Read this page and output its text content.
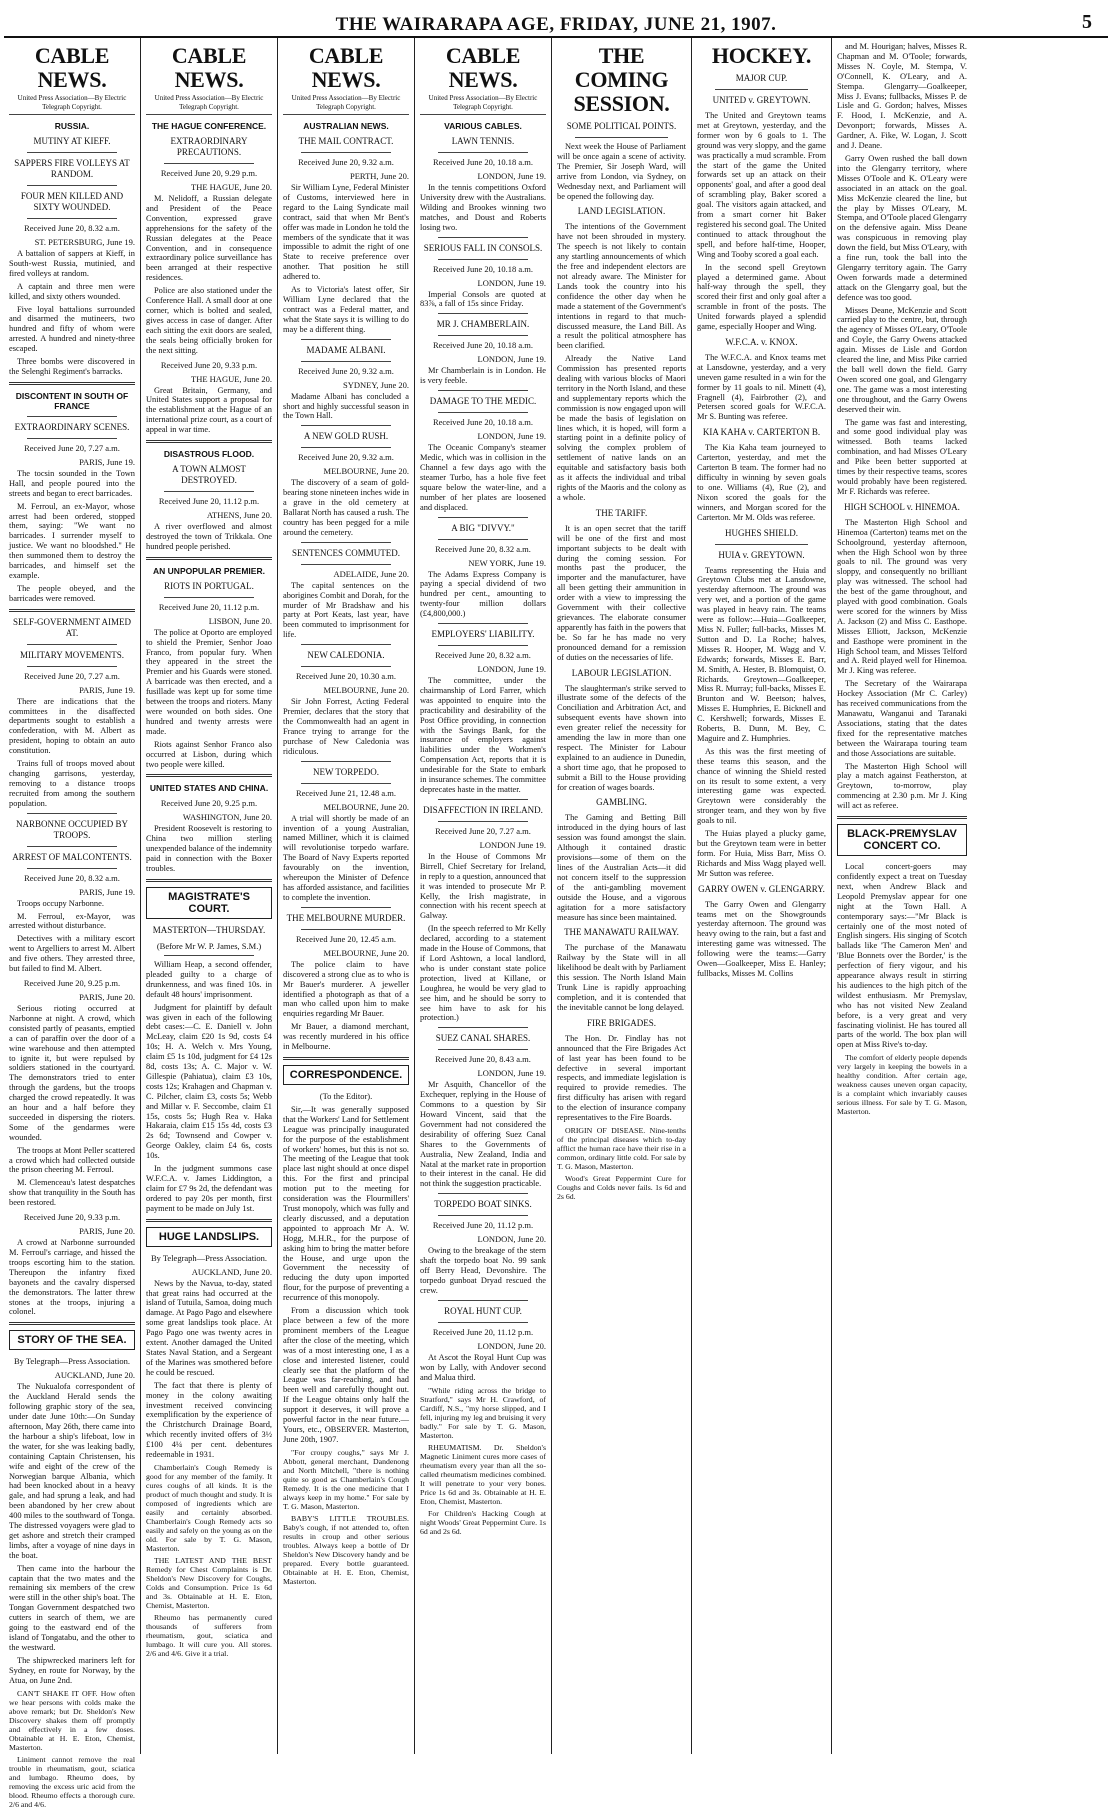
THE WAIRARAPA AGE, FRIDAY, JUNE 21, 1907.	5
CABLE NEWS.
United Press Association—By Electric Telegraph Copyright.
RUSSIA.
MUTINY AT KIEFF.
SAPPERS FIRE VOLLEYS AT RANDOM.
FOUR MEN KILLED AND SIXTY WOUNDED.
Received June 20, 8.32 a.m.
ST. PETERSBURG, June 19.
A battalion of sappers at Kieff, in South-west Russia, mutinied, and fired volleys at random.
A captain and three men were killed, and sixty others wounded.
Five loyal battalions surrounded and disarmed the mutineers, two hundred and fifty of whom were arrested. A hundred and ninety-three escaped.
Three bombs were discovered in the Selenghi Regiment's barracks.
DISCONTENT IN SOUTH OF FRANCE
EXTRAORDINARY SCENES.
Received June 20, 7.27 a.m.
PARIS, June 19.
The tocsin sounded in the Town Hall, and people poured into the streets and began to erect barricades.
M. Ferroul, an ex-Mayor, whose arrest had been ordered, stopped them, saying: "We want no barricades. I surrender myself to justice. We want no bloodshed." He then summoned them to destroy the barricades, and himself set the example.
The people obeyed, and the barricades were removed.
SELF-GOVERNMENT AIMED AT.
MILITARY MOVEMENTS.
Received June 20, 7.27 a.m.
PARIS, June 19.
There are indications that the committees in the disaffected departments sought to establish a confederation, with M. Albert as president, hoping to obtain an auto constitution.
Trains full of troops moved about changing garrisons, yesterday, removing to a distance troops recruited from among the southern population.
NARBONNE OCCUPIED BY TROOPS.
ARREST OF MALCONTENTS.
Received June 20, 8.32 a.m.
PARIS, June 19.
Troops occupy Narbonne.
M. Ferroul, ex-Mayor, was arrested without disturbance.
Detectives with a military escort went to Argelliers to arrest M. Albert and five others. They arrested three, but failed to find M. Albert.
Received June 20, 9.25 p.m.
PARIS, June 20.
Serious rioting occurred at Narbonne at night. A crowd, which consisted partly of peasants, emptied a can of paraffin over the door of a wine warehouse and then attempted to ignite it, but were repulsed by soldiers stationed in the courtyard. The demonstrators tried to enter through the gardens, but the troops charged the crowd repeatedly. It was an hour and a half before they succeeded in dispersing the rioters. Some of the gendarmes were wounded.
The troops at Mont Peller scattered a crowd which had collected outside the prison cheering M. Ferroul.
M. Clemenceau's latest despatches show that tranquility in the South has been restored.
Received June 20, 9.33 p.m.
PARIS, June 20.
A crowd at Narbonne surrounded M. Ferroul's carriage, and hissed the troops escorting him to the station. Thereupon the infantry fixed bayonets and the cavalry dispersed the demonstrators. The latter threw stones at the troops, injuring a colonel.
STORY OF THE SEA.
By Telegraph—Press Association.
AUCKLAND, June 20.
The Nukualofa correspondent of the Auckland Herald sends the following graphic story of the sea, under date June 10th:—On Sunday afternoon, May 26th, there came into the harbour a ship's lifeboat, low in the water, for she was leaking badly, containing Captain Christensen, his wife and eight of the crew of the Norwegian barque Albania, which had been knocked about in a heavy gale, and had sprung a leak, and had been abandoned by her crew about 400 miles to the southward of Tonga. The distressed voyagers were glad to get ashore and stretch their cramped limbs, after a voyage of nine days in the boat.
Then came into the harbour the captain that the two mates and the remaining six members of the crew were still in the other ship's boat. The Tongan Government despatched two cutters in search of them, we are going to the eastward end of the island of Tongatabu, and the other to the westward.
The shipwrecked mariners left for Sydney, en route for Norway, by the Atua, on June 2nd.
CAN'T SHAKE IT OFF. How often we hear persons with colds make the above remark; but Dr. Sheldon's New Discovery shakes them off promptly and effectively in a few doses. Obtainable at H. E. Eton, Chemist, Masterton.
Liniment cannot remove the real trouble in rheumatism, gout, sciatica and lumbago. Rheumo does, by removing the excess uric acid from the blood. Rheumo effects a thorough cure. 2/6 and 4/6.
CABLE NEWS.
United Press Association—By Electric Telegraph Copyright.
THE HAGUE CONFERENCE.
EXTRAORDINARY PRECAUTIONS.
Received June 20, 9.29 p.m.
THE HAGUE, June 20.
M. Nelidoff, a Russian delegate and President of the Peace Convention, expressed grave apprehensions for the safety of the Russian delegates at the Peace Convention, and in consequence extraordinary police surveillance has been arranged at their respective residences.
Police are also stationed under the Conference Hall. A small door at one corner, which is bolted and sealed, gives access in case of danger. After each sitting the exit doors are sealed, the seals being officially broken for the next sitting.
Received June 20, 9.33 p.m.
THE HAGUE, June 20.
Great Britain, Germany, and United States support a proposal for the establishment at the Hague of an international prize court, as a court of appeal in war time.
DISASTROUS FLOOD.
A TOWN ALMOST DESTROYED.
Received June 20, 11.12 p.m.
ATHENS, June 20.
A river overflowed and almost destroyed the town of Trikkala. One hundred people perished.
AN UNPOPULAR PREMIER.
RIOTS IN PORTUGAL.
Received June 20, 11.12 p.m.
LISBON, June 20.
The police at Oporto are employed to shield the Premier, Senhor Joao Franco, from popular fury. When they appeared in the street the Premier and his Guards were stoned. A barricade was then erected, and a fusillade was kept up for some time between the troops and rioters. Many were wounded on both sides. One hundred and twenty arrests were made.
Riots against Senhor Franco also occurred at Lisbon, during which two people were killed.
UNITED STATES AND CHINA.
Received June 20, 9.25 p.m.
WASHINGTON, June 20.
President Roosevelt is restoring to China two million sterling unexpended balance of the indemnity paid in connection with the Boxer troubles.
MAGISTRATE'S COURT.
MASTERTON—THURSDAY.
(Before Mr W. P. James, S.M.)
William Heap, a second offender, pleaded guilty to a charge of drunkenness, and was fined 10s. in default 48 hours' imprisonment.
Judgment for plaintiff by default was given in each of the following debt cases:—C. E. Daniell v. John McLeay, claim £20 1s 9d, costs £4 10s; H. A. Welch v. Mrs Young, claim £5 1s 10d, judgment for £4 12s 8d, costs 13s; A. C. Major v. W. Gillespie (Pahiatua), claim £3 10s, costs 12s; Krahagen and Chapman v. C. Pilcher, claim £3, costs 5s; Webb and Millar v. F. Seccombe, claim £1 15s, costs 5s; Hugh Rea v. Haka Hakaraia, claim £15 15s 4d, costs £3 2s 6d; Townsend and Cowper v. George Oakley, claim £4 6s, costs 10s.
In the judgment summons case W.F.C.A. v. James Liddington, a claim for £7 9s 2d, the defendant was ordered to pay 20s per month, first payment to be made on July 1st.
HUGE LANDSLIPS.
By Telegraph—Press Association.
AUCKLAND, June 20.
News by the Navua, to-day, stated that great rains had occurred at the island of Tutuila, Samoa, doing much damage. At Pago Pago and elsewhere some great landslips took place. At Pago Pago one was twenty acres in extent. Another damaged the United States Naval Station, and a Sergeant of the Marines was smothered before he could be rescued.
The fact that there is plenty of money in the colony awaiting investment received convincing exemplification by the experience of the Christchurch Drainage Board, which recently invited offers of 3½ £100 4¼ per cent. debentures redeemable in 1931.
Chamberlain's Cough Remedy is good for any member of the family. It cures coughs of all kinds. It is the product of much thought and study. It is composed of ingredients which are easily and certainly absorbed. Chamberlain's Cough Remedy acts so easily and safely on the young as on the old. For sale by T. G. Mason, Masterton.
THE LATEST AND THE BEST Remedy for Chest Complaints is Dr. Sheldon's New Discovery for Coughs, Colds and Consumption. Price 1s 6d and 3s. Obtainable at H. E. Eton, Chemist, Masterton.
Rheumo has permanently cured thousands of sufferers from rheumatism, gout, sciatica and lumbago. It will cure you. All stores. 2/6 and 4/6. Give it a trial.
CABLE NEWS.
United Press Association—By Electric Telegraph Copyright.
AUSTRALIAN NEWS.
THE MAIL CONTRACT.
Received June 20, 9.32 a.m.
PERTH, June 20.
Sir William Lyne, Federal Minister of Customs, interviewed here in regard to the Laing Syndicate mail contract, said that when Mr Bent's offer was made in London he told the members of the syndicate that it was impossible to admit the right of one State to receive preference over another. That position he still adhered to.
As to Victoria's latest offer, Sir William Lyne declared that the contract was a Federal matter, and what the State says it is willing to do may be a different thing.
MADAME ALBANI.
Received June 20, 9.32 a.m.
SYDNEY, June 20.
Madame Albani has concluded a short and highly successful season in the Town Hall.
A NEW GOLD RUSH.
Received June 20, 9.32 a.m.
MELBOURNE, June 20.
The discovery of a seam of gold-bearing stone nineteen inches wide in a grave in the old cemetery at Ballarat North has caused a rush. The country has been pegged for a mile around the cemetery.
SENTENCES COMMUTED.
ADELAIDE, June 20.
The capital sentences on the aborigines Combit and Dorah, for the murder of Mr Bradshaw and his party at Port Keats, last year, have been commuted to imprisonment for life.
NEW CALEDONIA.
Received June 20, 10.30 a.m.
MELBOURNE, June 20.
Sir John Forrest, Acting Federal Premier, declares that the story that the Commonwealth had an agent in France trying to arrange for the purchase of New Caledonia was ridiculous.
NEW TORPEDO.
Received June 21, 12.48 a.m.
MELBOURNE, June 20.
A trial will shortly be made of an invention of a young Australian, named Milliner, which it is claimed will revolutionise torpedo warfare. The Board of Navy Experts reported favourably on the invention, whereupon the Minister of Defence has afforded assistance, and facilities to complete the invention.
THE MELBOURNE MURDER.
Received June 20, 12.45 a.m.
MELBOURNE, June 20.
The police claim to have discovered a strong clue as to who is Mr Bauer's murderer. A jeweller identified a photograph as that of a man who called upon him to make enquiries regarding Mr Bauer.
Mr Bauer, a diamond merchant, was recently murdered in his office in Melbourne.
CORRESPONDENCE.
(To the Editor).
Sir,—It was generally supposed that the Workers' Land for Settlement League was principally inaugurated for the purpose of the establishment of workers' homes, but this is not so. The meeting of the League that took place last night should at once dispel this. For the first and principal motion put to the meeting for consideration was the Flourmillers' Trust monopoly, which was fully and clearly discussed, and a deputation appointed to approach Mr A. W. Hogg, M.H.R., for the purpose of asking him to bring the matter before the House, and urge upon the Government the necessity of reducing the duty upon imported flour, for the purpose of preventing a recurrence of this monopoly.
From a discussion which took place between a few of the more prominent members of the League after the close of the meeting, which was of a most interesting one, I as a close and interested listener, could clearly see that the platform of the League was far-reaching, and had been well and carefully thought out. If the League obtains only half the support it deserves, it will prove a powerful factor in the near future.—Yours, etc., OBSERVER. Masterton, June 20th, 1907.
"For croupy coughs," says Mr J. Abbott, general merchant, Dandenong and North Mitchell, "there is nothing quite so good as Chamberlain's Cough Remedy. It is the one medicine that I always keep in my home." For sale by T. G. Mason, Masterton.
BABY'S LITTLE TROUBLES. Baby's cough, if not attended to, often results in croup and other serious troubles. Always keep a bottle of Dr Sheldon's New Discovery handy and be prepared. Every bottle guaranteed. Obtainable at H. E. Eton, Chemist, Masterton.
CABLE NEWS.
United Press Association—By Electric Telegraph Copyright.
VARIOUS CABLES.
LAWN TENNIS.
Received June 20, 10.18 a.m.
LONDON, June 19.
In the tennis competitions Oxford University drew with the Australians. Wilding and Brookes winning two matches, and Doust and Roberts losing two.
SERIOUS FALL IN CONSOLS.
Received June 20, 10.18 a.m.
LONDON, June 19.
Imperial Consols are quoted at 83⅞, a fall of 15s since Friday.
MR J. CHAMBERLAIN.
Received June 20, 10.18 a.m.
LONDON, June 19.
Mr Chamberlain is in London. He is very feeble.
DAMAGE TO THE MEDIC.
Received June 20, 10.18 a.m.
LONDON, June 19.
The Oceanic Company's steamer Medic, which was in collision in the Channel a few days ago with the steamer Turbo, has a hole five feet square below the water-line, and a number of her plates are loosened and displaced.
A BIG "DIVVY."
Received June 20, 8.32 a.m.
NEW YORK, June 19.
The Adams Express Company is paying a special dividend of two hundred per cent., amounting to twenty-four million dollars (£4,800,000.)
EMPLOYERS' LIABILITY.
Received June 20, 8.32 a.m.
LONDON, June 19.
The committee, under the chairmanship of Lord Farrer, which was appointed to enquire into the practicability and desirability of the Post Office providing, in connection with the Savings Bank, for the insurance of employers against liabilities under the Workmen's Compensation Act, reports that it is undesirable for the State to embark in insurance schemes. The committee deprecates haste in the matter.
DISAFFECTION IN IRELAND.
Received June 20, 7.27 a.m.
LONDON June 19.
In the House of Commons Mr Birrell, Chief Secretary for Ireland, in reply to a question, announced that it was intended to prosecute Mr P. Kelly, the Irish magistrate, in connection with his recent speech at Galway.
(In the speech referred to Mr Kelly declared, according to a statement made in the House of Commons, that if Lord Ashtown, a local landlord, who is under constant state police protection, lived at Killane, or Loughrea, he would be very glad to see him, and he should be sorry to see him have to ask for his protection.)
SUEZ CANAL SHARES.
Received June 20, 8.43 a.m.
LONDON, June 19.
Mr Asquith, Chancellor of the Exchequer, replying in the House of Commons to a question by Sir Howard Vincent, said that the Government had not considered the desirability of offering Suez Canal Shares to the Governments of Australia, New Zealand, India and Natal at the market rate in proportion to their interest in the canal. He did not think the suggestion practicable.
TORPEDO BOAT SINKS.
Received June 20, 11.12 p.m.
LONDON, June 20.
Owing to the breakage of the stern shaft the torpedo boat No. 99 sank off Berry Head, Devonshire. The torpedo gunboat Dryad rescued the crew.
ROYAL HUNT CUP.
Received June 20, 11.12 p.m.
LONDON, June 20.
At Ascot the Royal Hunt Cup was won by Lally, with Andover second and Malua third.
"While riding across the bridge to Stratford," says Mr H. Crawford, of Cardiff, N.S., "my horse slipped, and I fell, injuring my leg and bruising it very badly." For sale by T. G. Mason, Masterton.
RHEUMATISM. Dr. Sheldon's Magnetic Liniment cures more cases of rheumatism every year than all the so-called rheumatism medicines combined. It will penetrate to your very bones. Price 1s 6d and 3s. Obtainable at H. E. Eton, Chemist, Masterton.
For Children's Hacking Cough at night Woods' Great Peppermint Cure. 1s 6d and 2s 6d.
THE COMING SESSION.
SOME POLITICAL POINTS.
Next week the House of Parliament will be once again a scene of activity. The Premier, Sir Joseph Ward, will arrive from London, via Sydney, on Wednesday next, and Parliament will be opened the following day.
LAND LEGISLATION.
The intentions of the Government have not been shrouded in mystery. The speech is not likely to contain any startling announcements of which the free and independent electors are not already aware. The Minister for Lands took the country into his confidence the other day when he made a statement of the Government's intentions in regard to that much-discussed measure, the Land Bill. As a result the political atmosphere has been clarified.
Already the Native Land Commission has presented reports dealing with various blocks of Maori territory in the North Island, and these and supplementary reports which the commission is now engaged upon will be made the basis of legislation on lines which, it is hoped, will form a starting point in a definite policy of solving the complex problem of settlement of native lands on an equitable and satisfactory basis both as it affects the individual and tribal rights of the Maoris and the colony as a whole.
THE TARIFF.
It is an open secret that the tariff will be one of the first and most important subjects to be dealt with during the coming session. For months past the producer, the importer and the manufacturer, have all been getting their ammunition in order with a view to impressing the Government with their collective grievances. The elaborate consumer apparently has faith in the powers that be. So far he has made no very pronounced demand for a remission of duties on the necessaries of life.
LABOUR LEGISLATION.
The slaughterman's strike served to illustrate some of the defects of the Conciliation and Arbitration Act, and subsequent events have shown into even greater relief the necessity for amending the law in more than one respect. The Minister for Labour explained to an audience in Dunedin, a short time ago, that he proposed to submit a Bill to the House providing for creation of wages boards.
GAMBLING.
The Gaming and Betting Bill introduced in the dying hours of last session was found amongst the slain. Although it contained drastic provisions—some of them on the lines of the Australian Acts—it did not concern itself to the suppression of the anti-gambling movement outside the House, and a vigorous agitation for a more satisfactory measure has since been maintained.
THE MANAWATU RAILWAY.
The purchase of the Manawatu Railway by the State will in all likelihood be dealt with by Parliament this session. The North Island Main Trunk Line is rapidly approaching completion, and it is contended that the inevitable cannot be long delayed.
FIRE BRIGADES.
The Hon. Dr. Findlay has not announced that the Fire Brigades Act of last year has been found to be defective in several important respects, and immediate legislation is required to provide remedies. The first difficulty has arisen with regard to the election of insurance company representatives to the Fire Boards.
ORIGIN OF DISEASE. Nine-tenths of the principal diseases which to-day afflict the human race have their rise in a common, ordinary little cold. For sale by T. G. Mason, Masterton.
Wood's Great Peppermint Cure for Coughs and Colds never fails. 1s 6d and 2s 6d.
HOCKEY.
MAJOR CUP.
UNITED v. GREYTOWN.
The United and Greytown teams met at Greytown, yesterday, and the former won by 6 goals to 1. The ground was very sloppy, and the game was practically a mud scramble. From the start of the game the United forwards set up an attack on their opponents' goal, and after a good deal of scrambling play, Baker scored a goal. The visitors again attacked, and from a smart corner hit Baker registered his second goal. The United continued to attack throughout the spell, and before half-time, Hooper, Wing and Tooby scored a goal each.
In the second spell Greytown played a determined game. About half-way through the spell, they scored their first and only goal after a scramble in front of the posts. The United forwards played a splendid game, especially Hooper and Wing.
W.F.C.A. v. KNOX.
The W.F.C.A. and Knox teams met at Lansdowne, yesterday, and a very uneven game resulted in a win for the former by 11 goals to nil. Minett (4), Fragnell (4), Fairbrother (2), and Petersen scored goals for W.F.C.A. Mr S. Bunting was referee.
KIA KAHA v. CARTERTON B.
The Kia Kaha team journeyed to Carterton, yesterday, and met the Carterton B team. The former had no difficulty in winning by seven goals to one. Williams (4), Rue (2), and Nixon scored the goals for the winners, and Morgan scored for the Carterton. Mr M. Olds was referee.
HUGHES SHIELD.
HUIA v. GREYTOWN.
Teams representing the Huia and Greytown Clubs met at Lansdowne, yesterday afternoon. The ground was very wet, and a portion of the game was played in heavy rain. The teams were as follow:—Huia—Goalkeeper, Miss N. Fuller; full-backs, Misses M. Sutton and D. La Roche; halves, Misses R. Hooper, M. Wagg and V. Edwards; forwards, Misses E. Barr, M. Smith, A. Hester, B. Blomquist, O. Richards. Greytown—Goalkeeper, Miss R. Murray; full-backs, Misses E. Brunton and W. Beetson; halves, Misses E. Humphries, E. Bicknell and C. Kershwell; forwards, Misses E. Roberts, B. Dunn, M. Bey, C. Maguire and Z. Humphries.
As this was the first meeting of these teams this season, and the chance of winning the Shield rested on its result to some extent, a very interesting game was expected. Greytown were considerably the stronger team, and they won by five goals to nil.
The Huias played a plucky game, but the Greytown team were in better form. For Huia, Miss Barr, Miss O. Richards and Miss Wagg played well. Mr Sutton was referee.
GARRY OWEN v. GLENGARRY.
The Garry Owen and Glengarry teams met on the Showgrounds yesterday afternoon. The ground was heavy owing to the rain, but a fast and interesting game was witnessed. The following were the teams:—Garry Owen—Goalkeeper, Miss E. Hanley; fullbacks, Misses M. Collins
and M. Hourigan; halves, Misses R. Chapman and M. O'Toole; forwards, Misses N. Coyle, M. Stempa, V. O'Connell, K. O'Leary, and A. Stempa. Glengarry—Goalkeeper, Miss J. Evans; fullbacks, Misses P. de Lisle and G. Gordon; halves, Misses F. Hood, I. McKenzie, and A. Devonport; forwards, Misses A. Gardner, A. Fike, W. Logan, J. Scott and J. Deane.
Garry Owen rushed the ball down into the Glengarry territory, where Misses O'Toole and K. O'Leary were associated in an attack on the goal. Miss McKenzie cleared the line, but the play by Misses O'Leary, M. Stempa, and O'Toole placed Glengarry on the defensive again. Miss Deane was conspicuous in removing play down the field, but Miss O'Leary, with a fine run, took the ball into the Glengarry territory again. The Garry Owen forwards made a determined attack on the Glengarry goal, but the defence was too good.
Misses Deane, McKenzie and Scott carried play to the centre, but, through the agency of Misses O'Leary, O'Toole and Coyle, the Garry Owens attacked again. Misses de Lisle and Gordon cleared the line, and Miss Pike carried the ball well down the field. Garry Owen scored one goal, and Glengarry one. The game was a most interesting one throughout, and the Garry Owens deserved their win.
The game was fast and interesting, and some good individual play was witnessed. Both teams lacked combination, and had Misses O'Leary and Pike been better supported at times by their respective teams, scores would probably have been registered. Mr F. Richards was referee.
HIGH SCHOOL v. HINEMOA.
The Masterton High School and Hinemoa (Carterton) teams met on the Schoolground, yesterday afternoon, when the High School won by three goals to nil. The ground was very sloppy, and consequently no brilliant play was witnessed. The school had the best of the game throughout, and played with good combination. Goals were scored for the winners by Miss A. Jackson (2) and Miss C. Easthope. Misses Elliott, Jackson, McKenzie and Easthope were prominent in the High School team, and Misses Telford and A. Reid played well for Hinemoa. Mr J. King was referee.
The Secretary of the Wairarapa Hockey Association (Mr C. Carley) has received communications from the Manawatu, Wanganui and Taranaki Associations, stating that the dates fixed for the representative matches between the Wairarapa touring team and those Associations are suitable.
The Masterton High School will play a match against Featherston, at Greytown, to-morrow, play commencing at 2.30 p.m. Mr J. King will act as referee.
BLACK-PREMYSLAV CONCERT CO.
Local concert-goers may confidently expect a treat on Tuesday next, when Andrew Black and Leopold Premyslav appear for one night at the Town Hall. A contemporary says:—"Mr Black is certainly one of the most noted of English singers. His singing of Scotch ballads like 'The Cameron Men' and 'Blue Bonnets over the Border,' is the perfection of fiery vigour, and his appearance always result in stirring his audiences to the high pitch of the wildest enthusiasm. Mr Premyslav, who has not visited New Zealand before, is a very great and very fascinating violinist. He has toured all parts of the world. The box plan will open at Miss Rive's to-day.
The comfort of elderly people depends very largely in keeping the bowels in a healthy condition. After certain age, weakness causes uneven organ capacity, is a complaint which invariably causes serious illness. For sale by T. G. Mason, Masterton.
